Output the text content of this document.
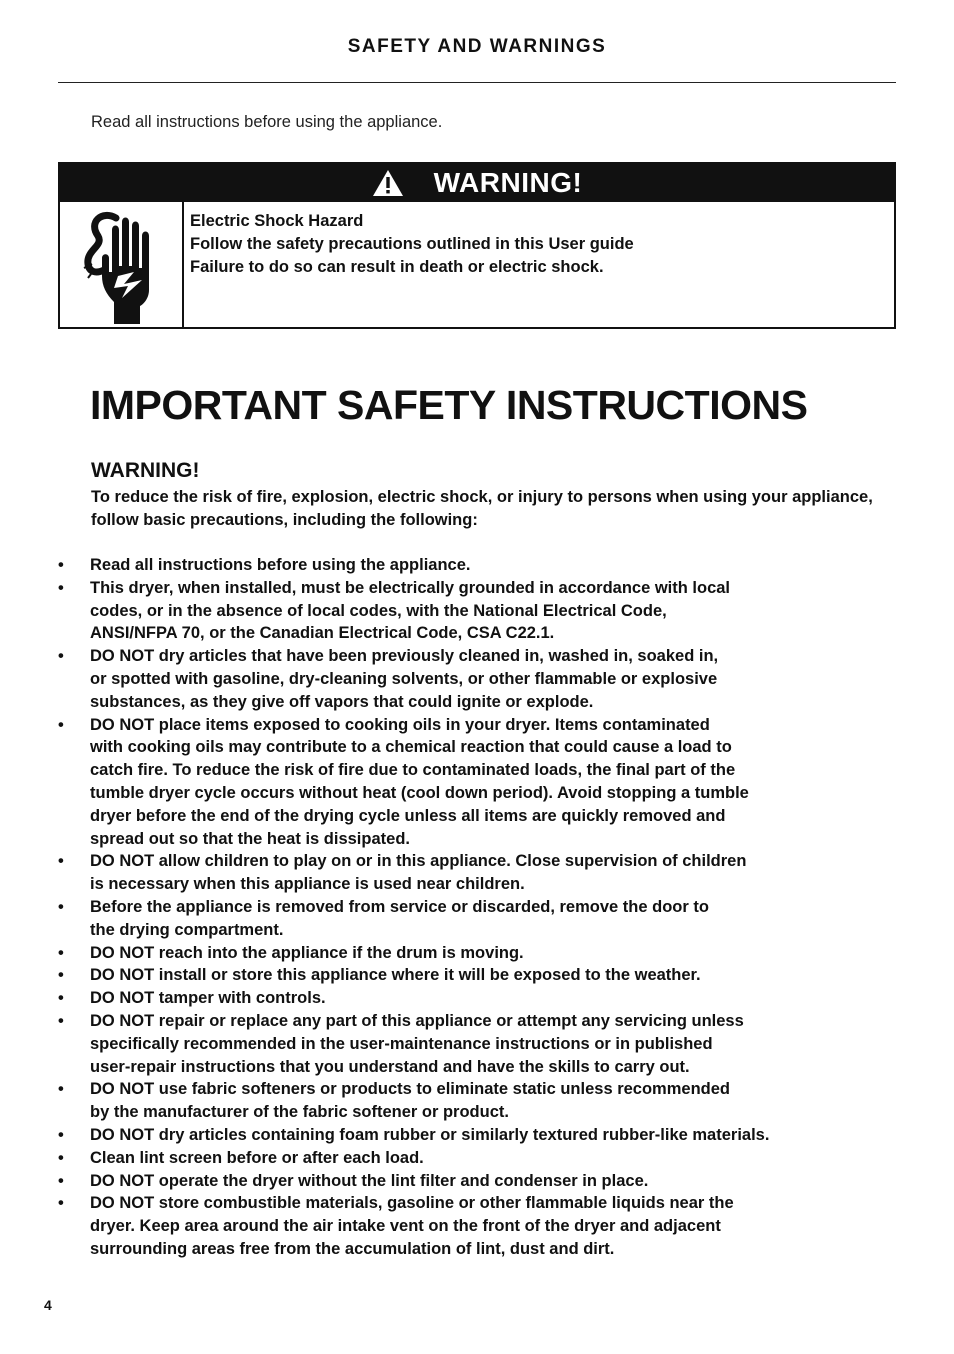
SAFETY AND WARNINGS
Read all instructions before using the appliance.
WARNING!
Electric Shock Hazard
Follow the safety precautions outlined in this User guide
Failure to do so can result in death or electric shock.
IMPORTANT SAFETY INSTRUCTIONS
WARNING!
To reduce the risk of fire, explosion, electric shock, or injury to persons when using your appliance, follow basic precautions, including the following:
• Read all instructions before using the appliance.
• This dryer, when installed, must be electrically grounded in accordance with local
codes, or in the absence of local codes, with the National Electrical Code,
ANSI/NFPA 70, or the Canadian Electrical Code, CSA C22.1.
• DO NOT dry articles that have been previously cleaned in, washed in, soaked in,
or spotted with gasoline, dry-cleaning solvents, or other flammable or explosive
substances, as they give off vapors that could ignite or explode.
• DO NOT place items exposed to cooking oils in your dryer. Items contaminated
with cooking oils may contribute to a chemical reaction that could cause a load to
catch fire. To reduce the risk of fire due to contaminated loads, the final part of the
tumble dryer cycle occurs without heat (cool down period). Avoid stopping a tumble
dryer before the end of the drying cycle unless all items are quickly removed and
spread out so that the heat is dissipated.
• DO NOT allow children to play on or in this appliance. Close supervision of children
is necessary when this appliance is used near children.
• Before the appliance is removed from service or discarded, remove the door to
the drying compartment.
• DO NOT reach into the appliance if the drum is moving.
• DO NOT install or store this appliance where it will be exposed to the weather.
• DO NOT tamper with controls.
• DO NOT repair or replace any part of this appliance or attempt any servicing unless
specifically recommended in the user-maintenance instructions or in published
user-repair instructions that you understand and have the skills to carry out.
• DO NOT use fabric softeners or products to eliminate static unless recommended
by the manufacturer of the fabric softener or product.
• DO NOT dry articles containing foam rubber or similarly textured rubber-like materials.
• Clean lint screen before or after each load.
• DO NOT operate the dryer without the lint filter and condenser in place.
• DO NOT store combustible materials, gasoline or other flammable liquids near the
dryer. Keep area around the air intake vent on the front of the dryer and adjacent
surrounding areas free from the accumulation of lint, dust and dirt.
4
